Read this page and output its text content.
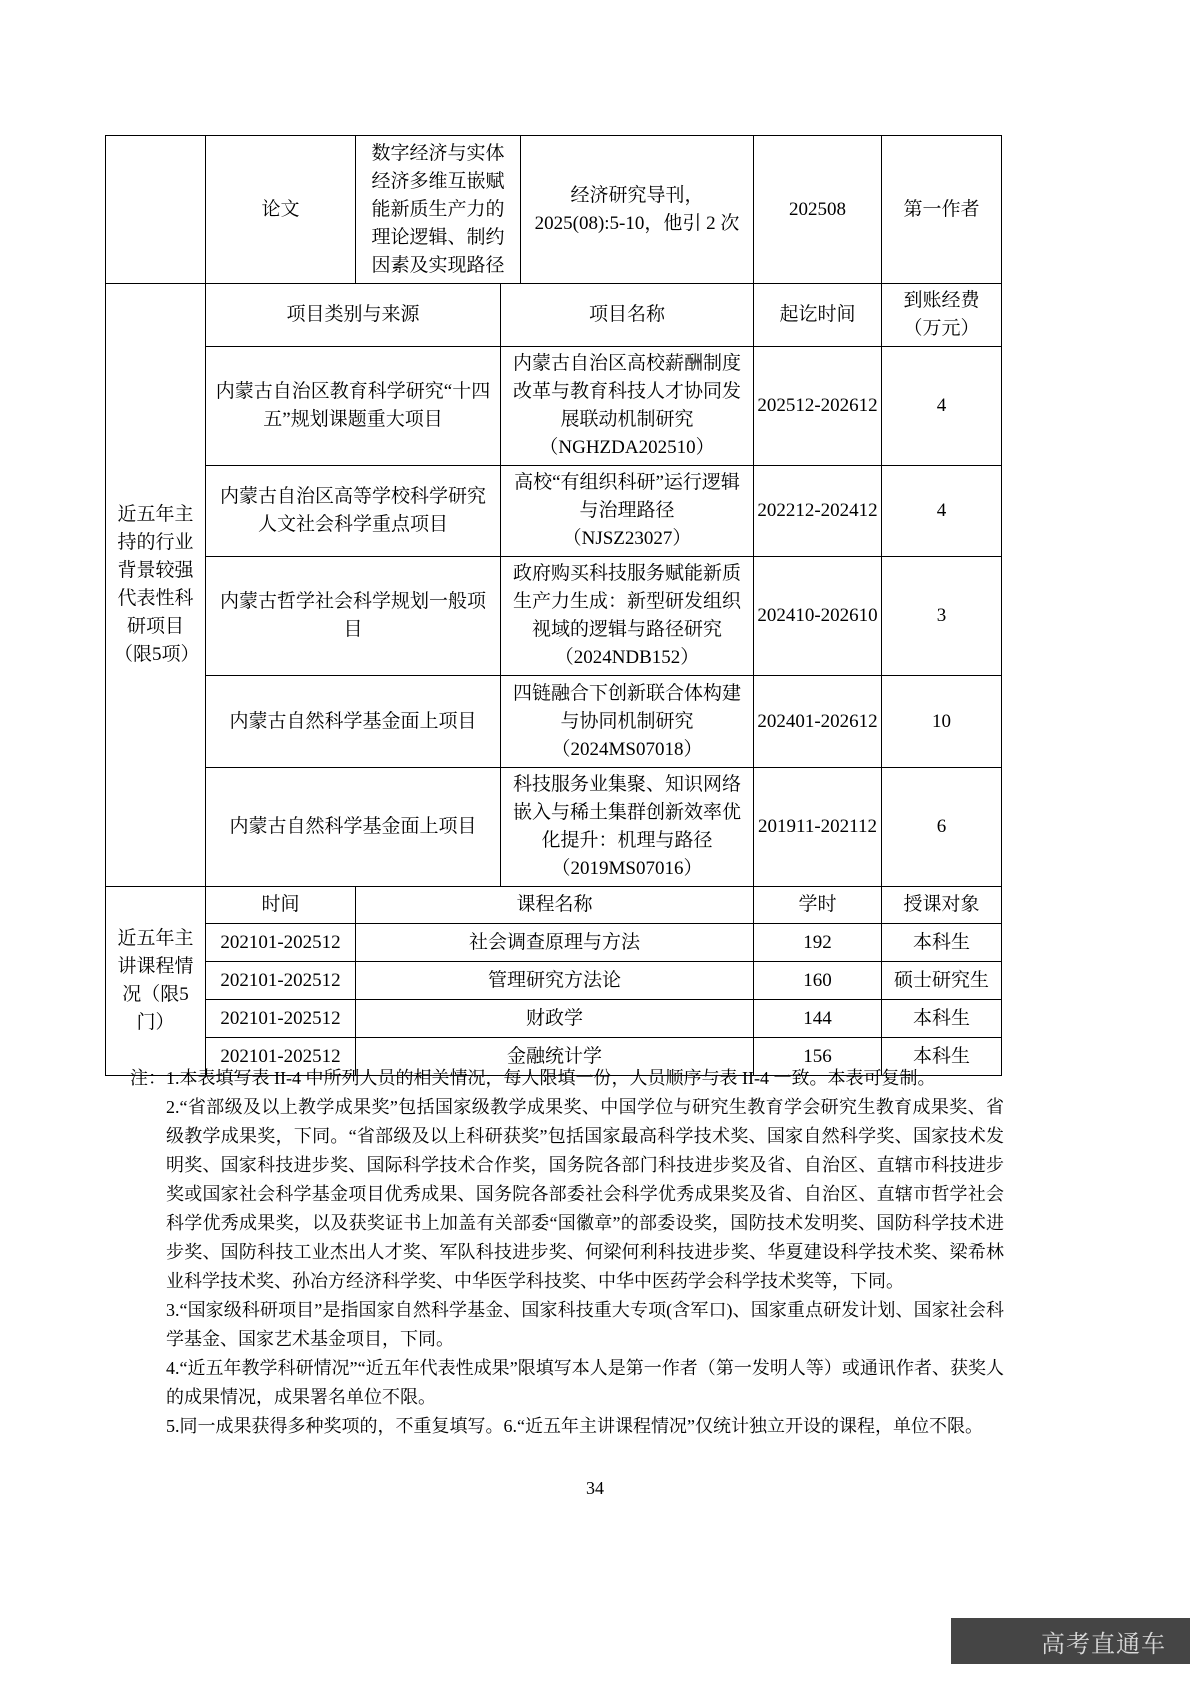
	论文	数字经济与实体经济多维互嵌赋能新质生产力的理论逻辑、制约因素及实现路径		经济研究导刊，2025(08):5-10，他引 2 次	202508	第一作者
近五年主持的行业背景较强代表性科研项目（限5项）	项目类别与来源		项目名称		起讫时间	到账经费
（万元）

	内蒙古自治区教育科学研究“十四五”规划课题重大项目		内蒙古自治区高校薪酬制度改革与教育科技人才协同发展联动机制研究
（NGHZDA202510）		202512-202612	4
	内蒙古自治区高等学校科学研究人文社会科学重点项目		高校“有组织科研”运行逻辑与治理路径
（NJSZ23027）		202212-202412	4
	内蒙古哲学社会科学规划一般项目		政府购买科技服务赋能新质生产力生成：新型研发组织视域的逻辑与路径研究
（2024NDB152）		202410-202610	3
	内蒙古自然科学基金面上项目		四链融合下创新联合体构建与协同机制研究
（2024MS07018）		202401-202612	10
	内蒙古自然科学基金面上项目		科技服务业集聚、知识网络嵌入与稀土集群创新效率优化提升：机理与路径
（2019MS07016）		201911-202112	6
近五年主讲课程情况（限5门）	时间	课程名称			学时	授课对象
	202101-202512	社会调查原理与方法			192	本科生
	202101-202512	管理研究方法论			160	硕士研究生
	202101-202512	财政学			144	本科生
	202101-202512	金融统计学			156	本科生
注： 1.本表填写表 II-4 中所列人员的相关情况，每人限填一份，人员顺序与表 II-4 一致。本表可复制。

2.“省部级及以上教学成果奖”包括国家级教学成果奖、中国学位与研究生教育学会研究生教育成果奖、省级教学成果奖，下同。“省部级及以上科研获奖”包括国家最高科学技术奖、国家自然科学奖、国家技术发明奖、国家科技进步奖、国际科学技术合作奖，国务院各部门科技进步奖及省、自治区、直辖市科技进步奖或国家社会科学基金项目优秀成果、国务院各部委社会科学优秀成果奖及省、自治区、直辖市哲学社会科学优秀成果奖，以及获奖证书上加盖有关部委“国徽章”的部委设奖，国防技术发明奖、国防科学技术进步奖、国防科技工业杰出人才奖、军队科技进步奖、何梁何利科技进步奖、华夏建设科学技术奖、梁希林业科学技术奖、孙冶方经济科学奖、中华医学科技奖、中华中医药学会科学技术奖等，下同。

3.“国家级科研项目”是指国家自然科学基金、国家科技重大专项(含军口)、国家重点研发计划、国家社会科学基金、国家艺术基金项目，下同。

4.“近五年教学科研情况”“近五年代表性成果”限填写本人是第一作者（第一发明人等）或通讯作者、获奖人的成果情况，成果署名单位不限。

5.同一成果获得多种奖项的，不重复填写。6.“近五年主讲课程情况”仅统计独立开设的课程，单位不限。

34
高考直通车
